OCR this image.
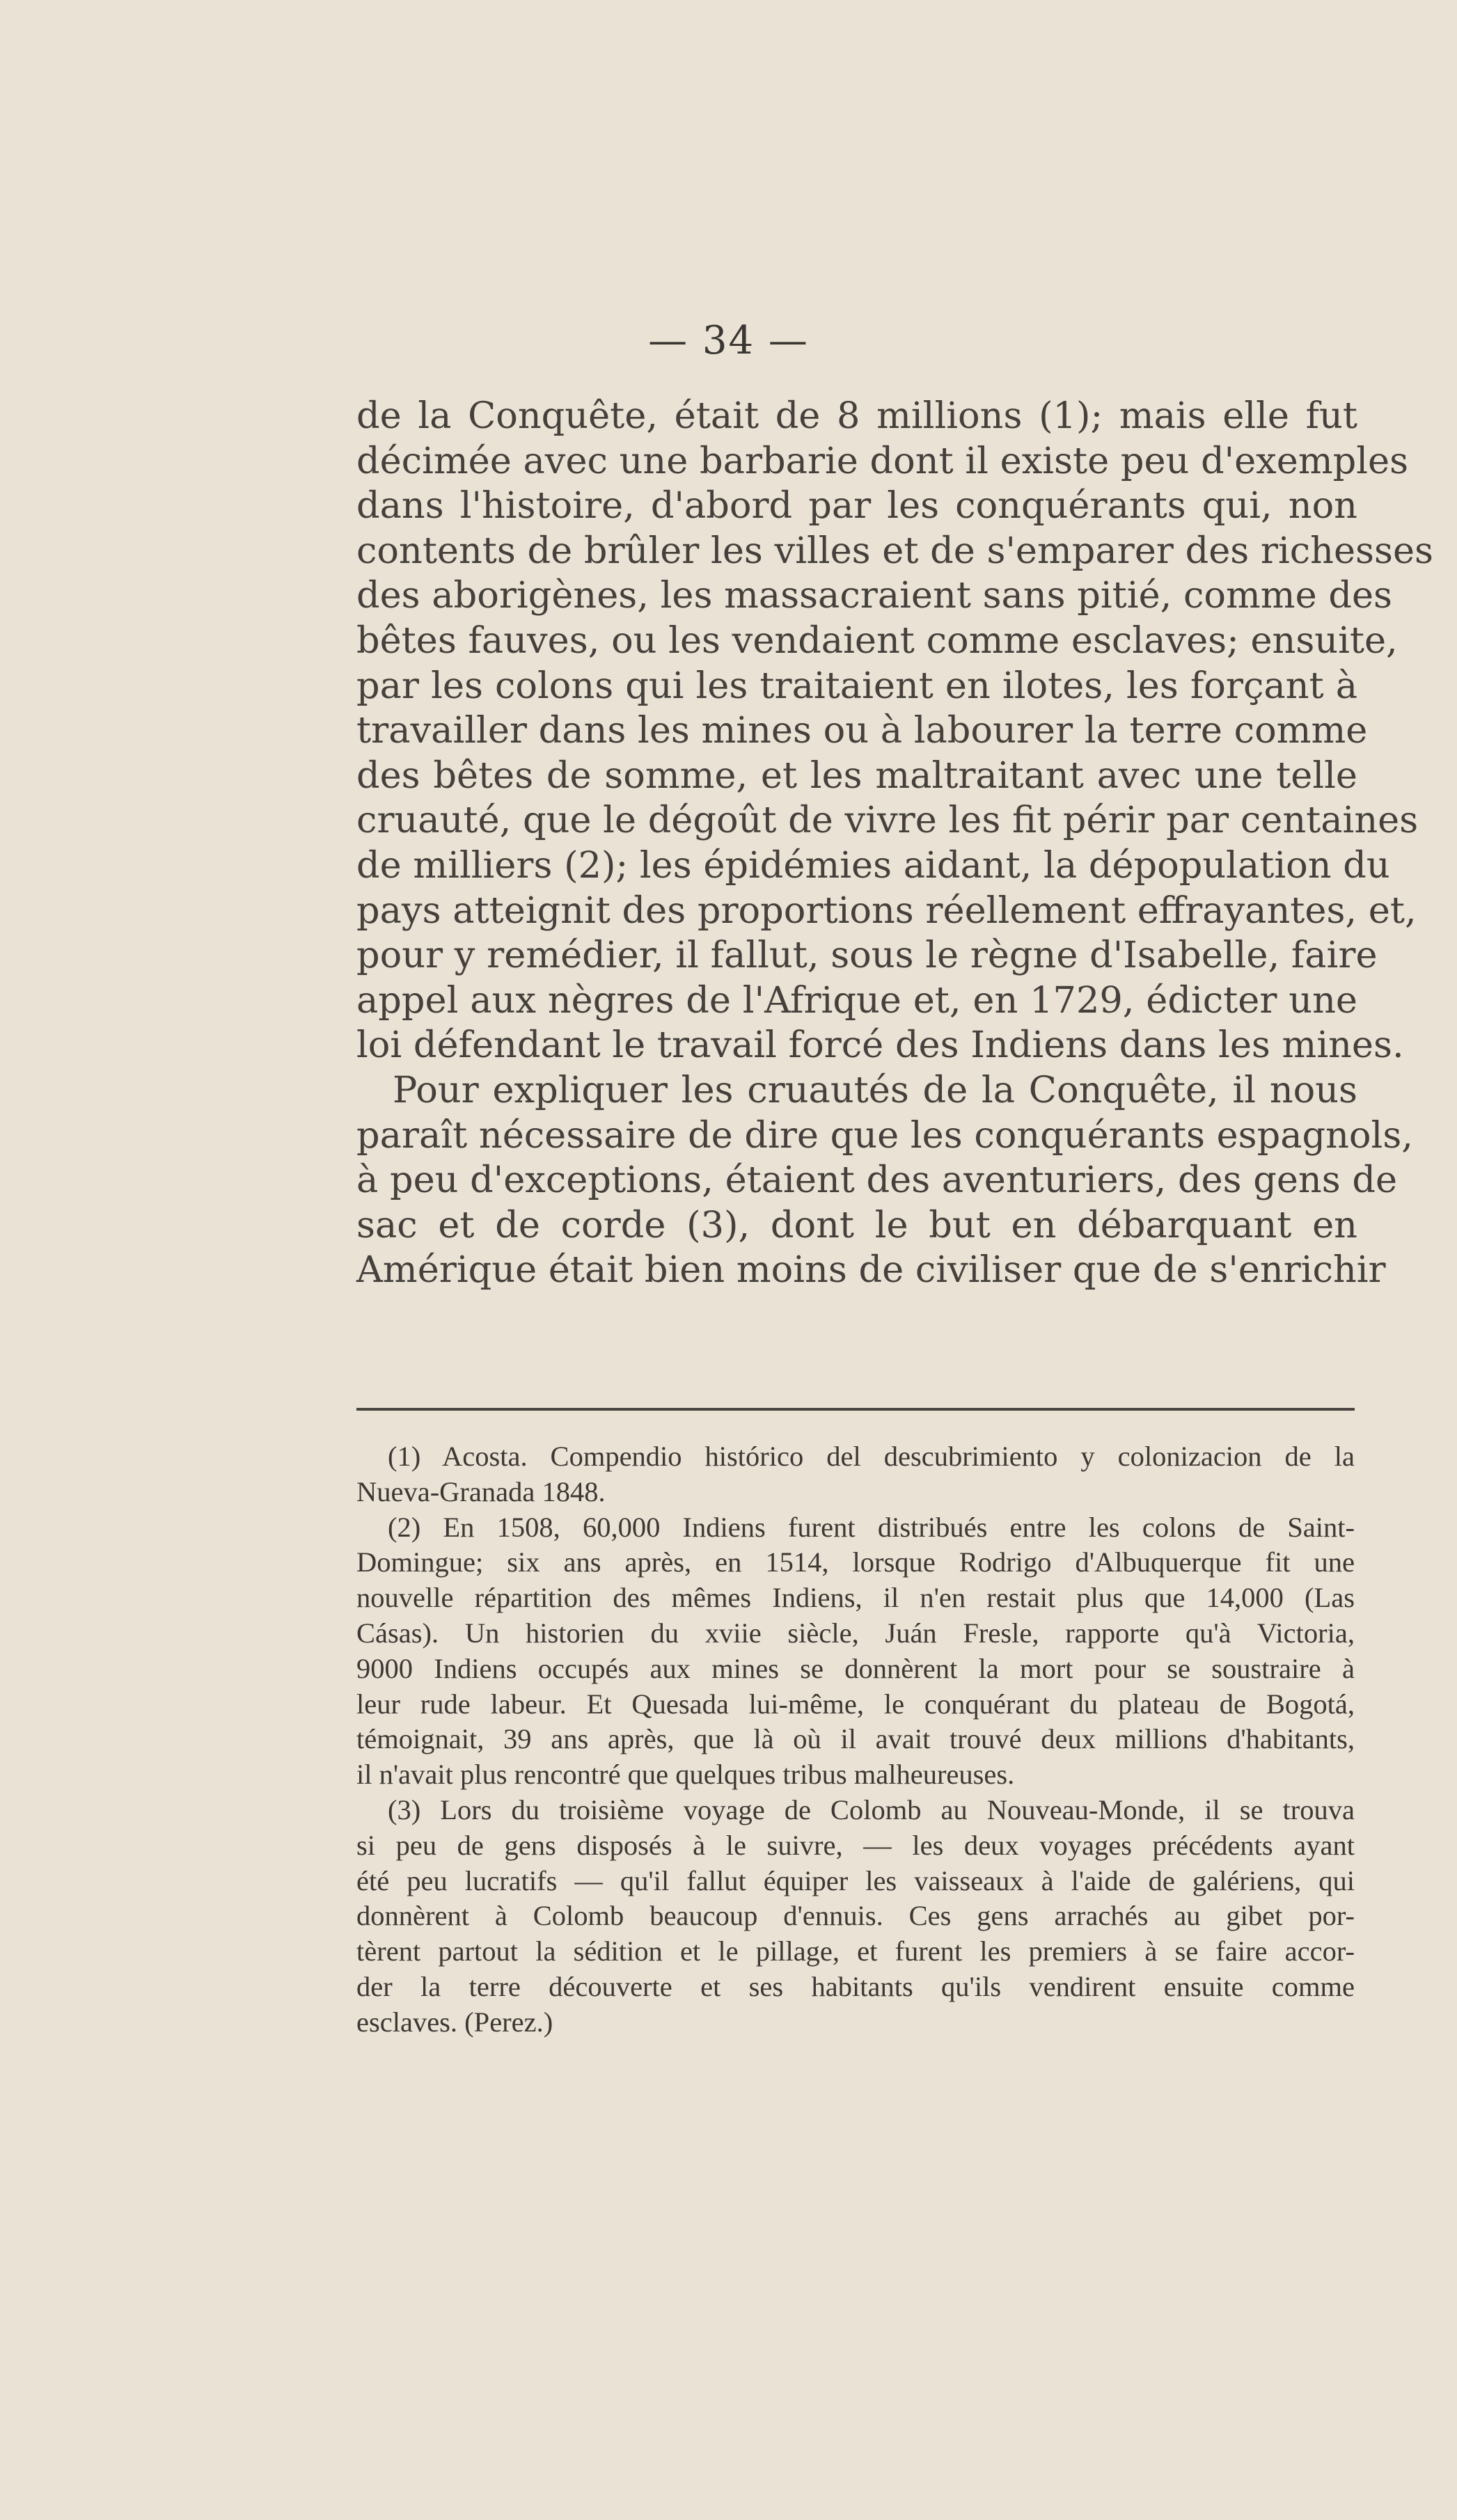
— 34 —
de la Conquête, était de 8 millions (1); mais elle fut
décimée avec une barbarie dont il existe peu d'exemples
dans l'histoire, d'abord par les conquérants qui, non
contents de brûler les villes et de s'emparer des richesses
des aborigènes, les massacraient sans pitié, comme des
bêtes fauves, ou les vendaient comme esclaves; ensuite,
par les colons qui les traitaient en ilotes, les forçant à
travailler dans les mines ou à labourer la terre comme
des bêtes de somme, et les maltraitant avec une telle
cruauté, que le dégoût de vivre les fit périr par centaines
de milliers (2); les épidémies aidant, la dépopulation du
pays atteignit des proportions réellement effrayantes, et,
pour y remédier, il fallut, sous le règne d'Isabelle, faire
appel aux nègres de l'Afrique et, en 1729, édicter une
loi défendant le travail forcé des Indiens dans les mines.
Pour expliquer les cruautés de la Conquête, il nous
paraît nécessaire de dire que les conquérants espagnols,
à peu d'exceptions, étaient des aventuriers, des gens de
sac et de corde (3), dont le but en débarquant en
Amérique était bien moins de civiliser que de s'enrichir
(1) Acosta. Compendio histórico del descubrimiento y colonizacion de la
Nueva-Granada 1848.
(2) En 1508, 60,000 Indiens furent distribués entre les colons de Saint-
Domingue; six ans après, en 1514, lorsque Rodrigo d'Albuquerque fit une
nouvelle répartition des mêmes Indiens, il n'en restait plus que 14,000 (Las
Cásas). Un historien du xviie siècle, Juán Fresle, rapporte qu'à Victoria,
9000 Indiens occupés aux mines se donnèrent la mort pour se soustraire à
leur rude labeur. Et Quesada lui-même, le conquérant du plateau de Bogotá,
témoignait, 39 ans après, que là où il avait trouvé deux millions d'habitants,
il n'avait plus rencontré que quelques tribus malheureuses.
(3) Lors du troisième voyage de Colomb au Nouveau-Monde, il se trouva
si peu de gens disposés à le suivre, — les deux voyages précédents ayant
été peu lucratifs — qu'il fallut équiper les vaisseaux à l'aide de galériens, qui
donnèrent à Colomb beaucoup d'ennuis. Ces gens arrachés au gibet por-
tèrent partout la sédition et le pillage, et furent les premiers à se faire accor-
der la terre découverte et ses habitants qu'ils vendirent ensuite comme
esclaves. (Perez.)
